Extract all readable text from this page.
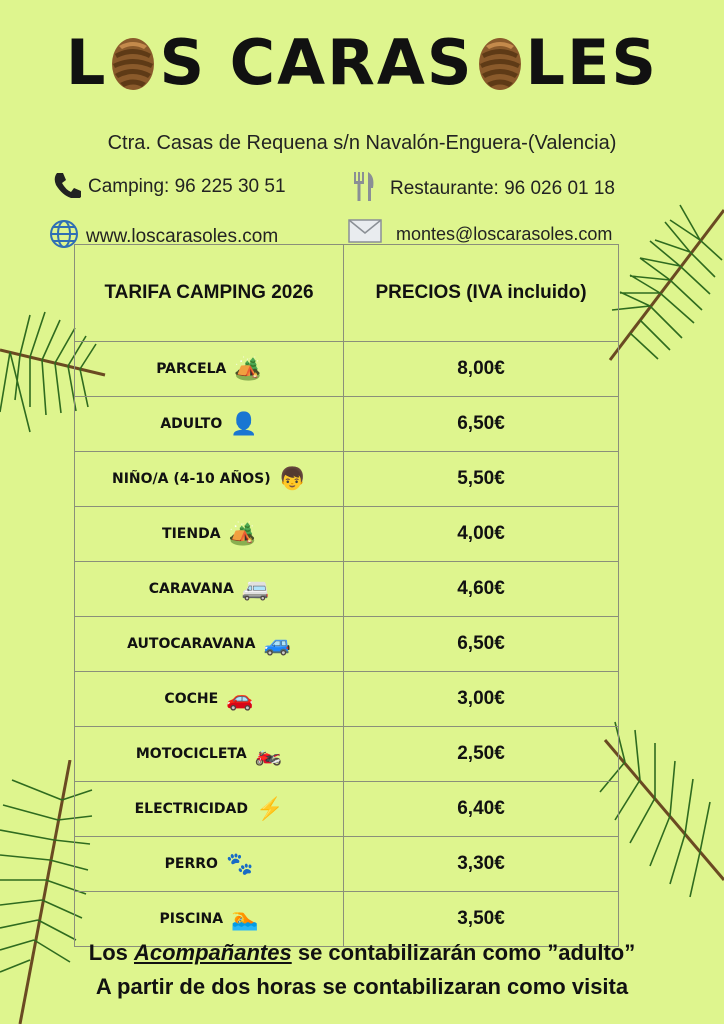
L S CARAS LES
Ctra. Casas de Requena s/n Navalón-Enguera-(Valencia)
Camping: 96 225 30 51	Restaurante: 96 026 01 18
www.loscarasoles.com	montes@loscarasoles.com
TARIFA CAMPING 2026	PRECIOS (IVA incluido)
PARCELA 🏕️	8,00€
ADULTO 👤	6,50€
NIÑO/A (4-10 AÑOS) 👦	5,50€
TIENDA 🏕️	4,00€
CARAVANA 🚐	4,60€
AUTOCARAVANA 🚙	6,50€
COCHE 🚗	3,00€
MOTOCICLETA 🏍️	2,50€
ELECTRICIDAD ⚡	6,40€
PERRO 🐾	3,30€
PISCINA 🏊	3,50€
Los Acompañantes se contabilizarán como ”adulto”
A partir de dos horas se contabilizaran como visita
